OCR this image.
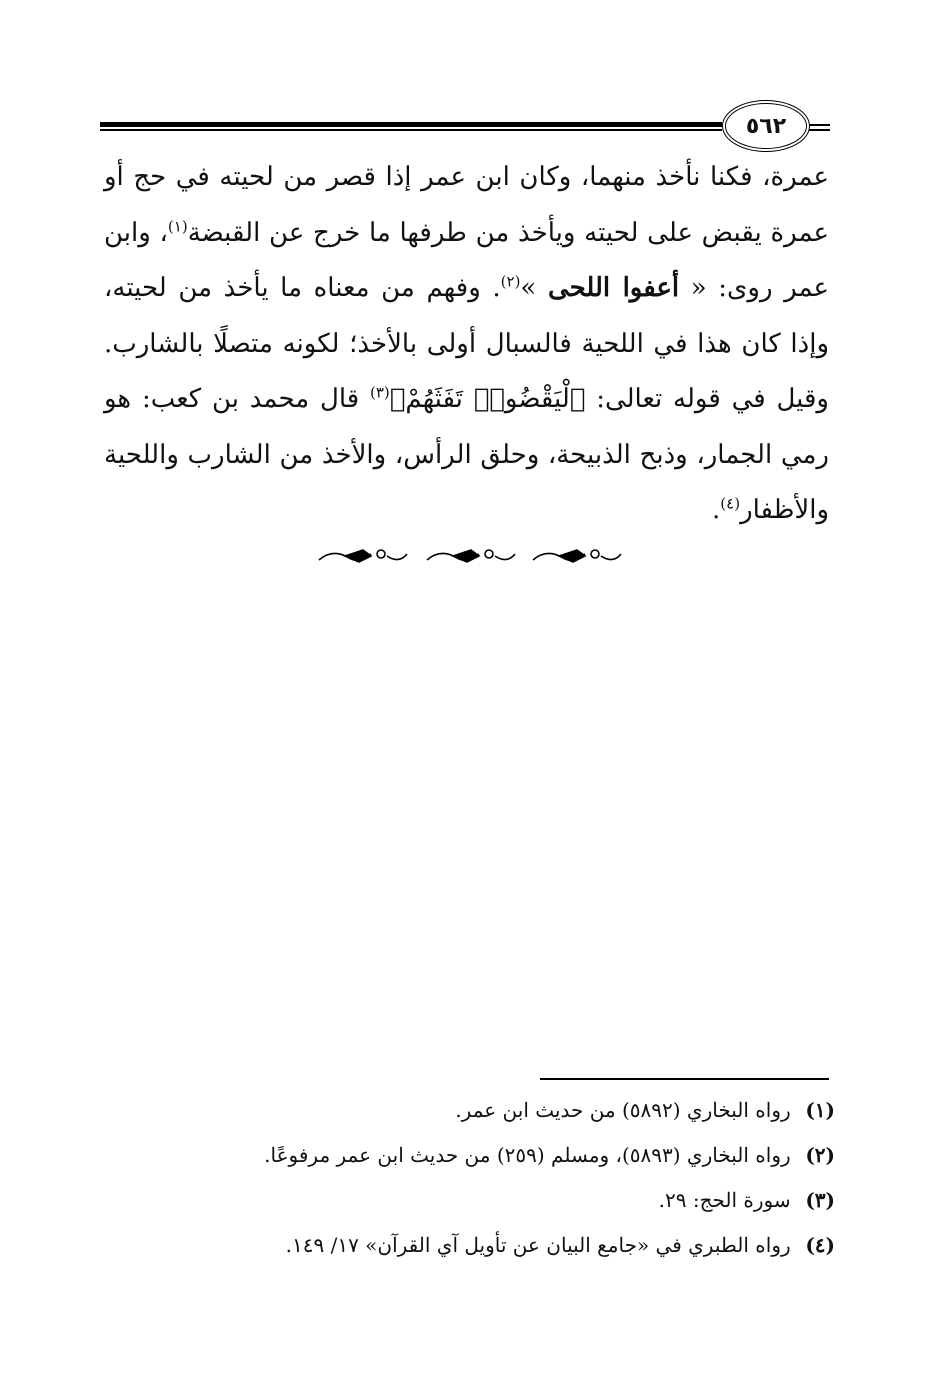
٥٦٢

عمرة، فكنا نأخذ منهما، وكان ابن عمر إذا قصر من لحيته في حج أو عمرة يقبض على لحيته ويأخذ من طرفها ما خرج عن القبضة$^{(١)}$، وابن عمر روى: « أعفوا اللحى »$^{(٢)}$. وفهم من معناه ما يأخذ من لحيته، وإذا كان هذا في اللحية فالسبال أولى بالأخذ؛ لكونه متصلًا بالشارب. وقيل في قوله تعالى: ﴿لْيَقْضُوا۟ تَفَثَهُمْ﴾$^{(٣)}$ قال محمد بن كعب: هو رمي الجمار، وذبح الذبيحة، وحلق الرأس، والأخذ من الشارب واللحية والأظفار$^{(٤)}$.

(١) رواه البخاري (٥٨٩٢) من حديث ابن عمر.
(٢) رواه البخاري (٥٨٩٣)، ومسلم (٢٥٩) من حديث ابن عمر مرفوعًا.
(٣) سورة الحج: ٢٩.
(٤) رواه الطبري في «جامع البيان عن تأويل آي القرآن» ١٧/ ١٤٩.
